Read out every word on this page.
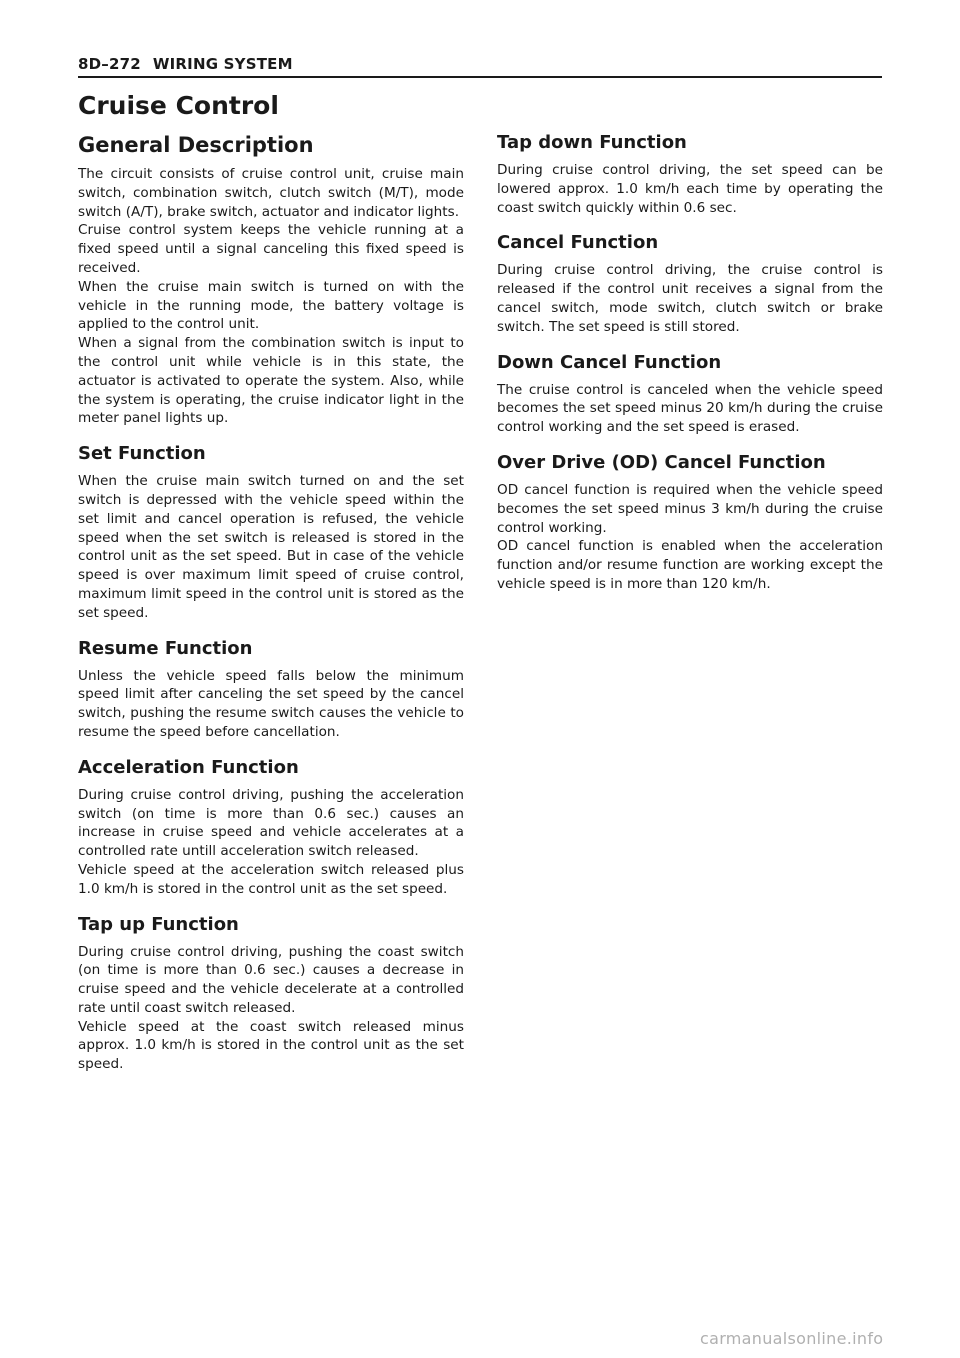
8D–272 WIRING SYSTEM
Cruise Control
General Description

The circuit consists of cruise control unit, cruise main switch, combination switch, clutch switch (M/T), mode switch (A/T), brake switch, actuator and indicator lights.

Cruise control system keeps the vehicle running at a fixed speed until a signal canceling this fixed speed is received.

When the cruise main switch is turned on with the vehicle in the running mode, the battery voltage is applied to the control unit.

When a signal from the combination switch is input to the control unit while vehicle is in this state, the actuator is activated to operate the system. Also, while the system is operating, the cruise indicator light in the meter panel lights up.

Set Function

When the cruise main switch turned on and the set switch is depressed with the vehicle speed within the set limit and cancel operation is refused, the vehicle speed when the set switch is released is stored in the control unit as the set speed. But in case of the vehicle speed is over maximum limit speed of cruise control, maximum limit speed in the control unit is stored as the set speed.

Resume Function

Unless the vehicle speed falls below the minimum speed limit after canceling the set speed by the cancel switch, pushing the resume switch causes the vehicle to resume the speed before cancellation.

Acceleration Function

During cruise control driving, pushing the acceleration switch (on time is more than 0.6 sec.) causes an increase in cruise speed and vehicle accelerates at a controlled rate untill acceleration switch released.

Vehicle speed at the acceleration switch released plus 1.0 km/h is stored in the control unit as the set speed.

Tap up Function

During cruise control driving, pushing the coast switch (on time is more than 0.6 sec.) causes a decrease in cruise speed and the vehicle decelerate at a controlled rate until coast switch released.

Vehicle speed at the coast switch released minus approx. 1.0 km/h is stored in the control unit as the set speed.

Tap down Function

During cruise control driving, the set speed can be lowered approx. 1.0 km/h each time by operating the coast switch quickly within 0.6 sec.

Cancel Function

During cruise control driving, the cruise control is released if the control unit receives a signal from the cancel switch, mode switch, clutch switch or brake switch. The set speed is still stored.

Down Cancel Function

The cruise control is canceled when the vehicle speed becomes the set speed minus 20 km/h during the cruise control working and the set speed is erased.

Over Drive (OD) Cancel Function

OD cancel function is required when the vehicle speed becomes the set speed minus 3 km/h during the cruise control working.

OD cancel function is enabled when the acceleration function and/or resume function are working except the vehicle speed is in more than 120 km/h.

carmanualsonline.info
